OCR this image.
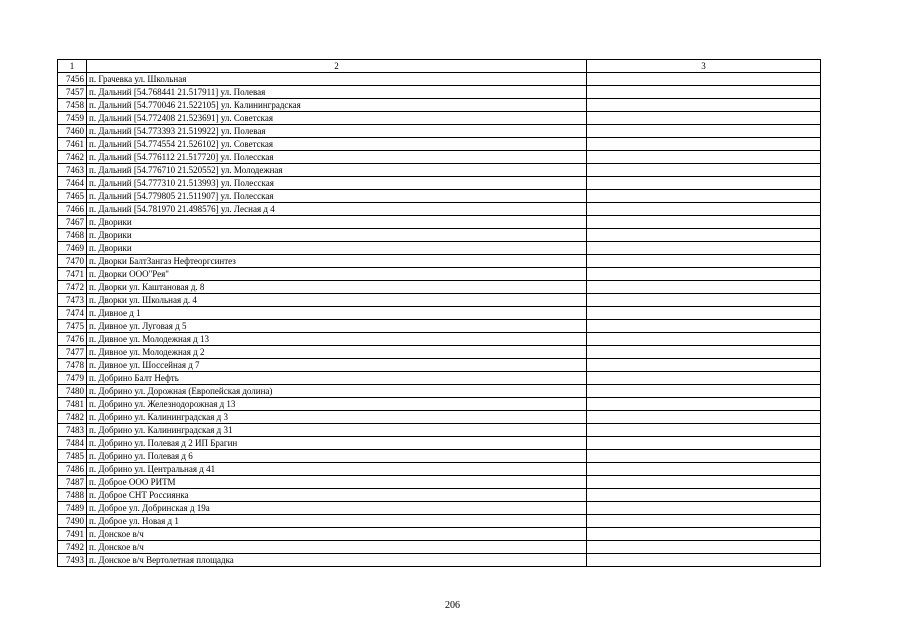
1	2	3
7456	п. Грачевка ул. Школьная	
7457	п. Дальний [54.768441 21.517911] ул. Полевая	
7458	п. Дальний [54.770046 21.522105] ул. Калининградская	
7459	п. Дальний [54.772408 21.523691] ул. Советская	
7460	п. Дальний [54.773393 21.519922] ул. Полевая	
7461	п. Дальний [54.774554 21.526102] ул. Советская	
7462	п. Дальний [54.776112 21.517720] ул. Полесская	
7463	п. Дальний [54.776710 21.520552] ул. Молодежная	
7464	п. Дальний [54.777310 21.513993] ул. Полесская	
7465	п. Дальний [54.779805 21.511907] ул. Полесская	
7466	п. Дальний [54.781970 21.498576] ул. Лесная д 4	
7467	п. Дворики	
7468	п. Дворики	
7469	п. Дворики	
7470	п. Дворки БалтЗангаз Нефтеоргсинтез	
7471	п. Дворки ООО"Рея"	
7472	п. Дворки ул. Каштановая д. 8	
7473	п. Дворки ул. Школьная д. 4	
7474	п. Дивное д 1	
7475	п. Дивное ул. Луговая д 5	
7476	п. Дивное ул. Молодежная д 13	
7477	п. Дивное ул. Молодежная д 2	
7478	п. Дивное ул. Шоссейная д 7	
7479	п. Добрино Балт Нефть	
7480	п. Добрино ул. Дорожная (Европейская долина)	
7481	п. Добрино ул. Железнодорожная д 13	
7482	п. Добрино ул. Калининградская д 3	
7483	п. Добрино ул. Калининградская д 31	
7484	п. Добрино ул. Полевая д 2 ИП Брагин	
7485	п. Добрино ул. Полевая д 6	
7486	п. Добрино ул. Центральная д 41	
7487	п. Доброе ООО РИТМ	
7488	п. Доброе СНТ Россиянка	
7489	п. Доброе ул. Добринская д 19а	
7490	п. Доброе ул. Новая д 1	
7491	п. Донское в/ч	
7492	п. Донское в/ч	
7493	п. Донское в/ч Вертолетная площадка	
206
